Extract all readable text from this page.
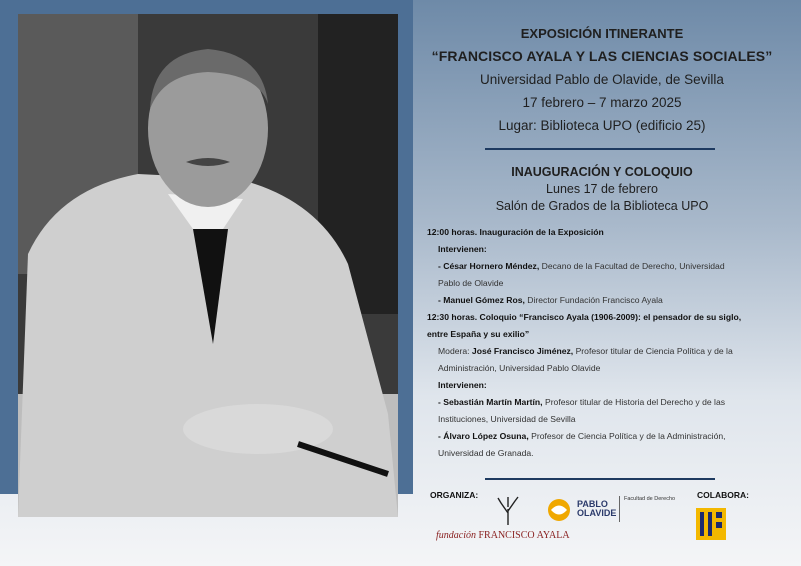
EXPOSICIÓN ITINERANTE
“FRANCISCO AYALA Y LAS CIENCIAS SOCIALES”
Universidad Pablo de Olavide, de Sevilla
17 febrero – 7 marzo 2025
Lugar: Biblioteca UPO (edificio 25)
INAUGURACIÓN Y COLOQUIO
Lunes 17 de febrero
Salón de Grados de la Biblioteca UPO
12:00 horas. Inauguración de la Exposición
Intervienen:
- César Hornero Méndez, Decano de la Facultad de Derecho, Universidad
Pablo de Olavide
- Manuel Gómez Ros, Director Fundación Francisco Ayala
12:30 horas. Coloquio “Francisco Ayala (1906-2009): el pensador de su siglo,
entre España y su exilio”
Modera: José Francisco Jiménez, Profesor titular de Ciencia Política y de la
Administración, Universidad Pablo Olavide
Intervienen:
- Sebastián Martín Martín, Profesor titular de Historia del Derecho y de las
Instituciones, Universidad de Sevilla
- Álvaro López Osuna, Profesor de Ciencia Política y de la Administración,
Universidad de Granada.
ORGANIZA:	COLABORA:
fundación FRANCISCO AYALA
PABLO
OLAVIDE
Facultad de Derecho
